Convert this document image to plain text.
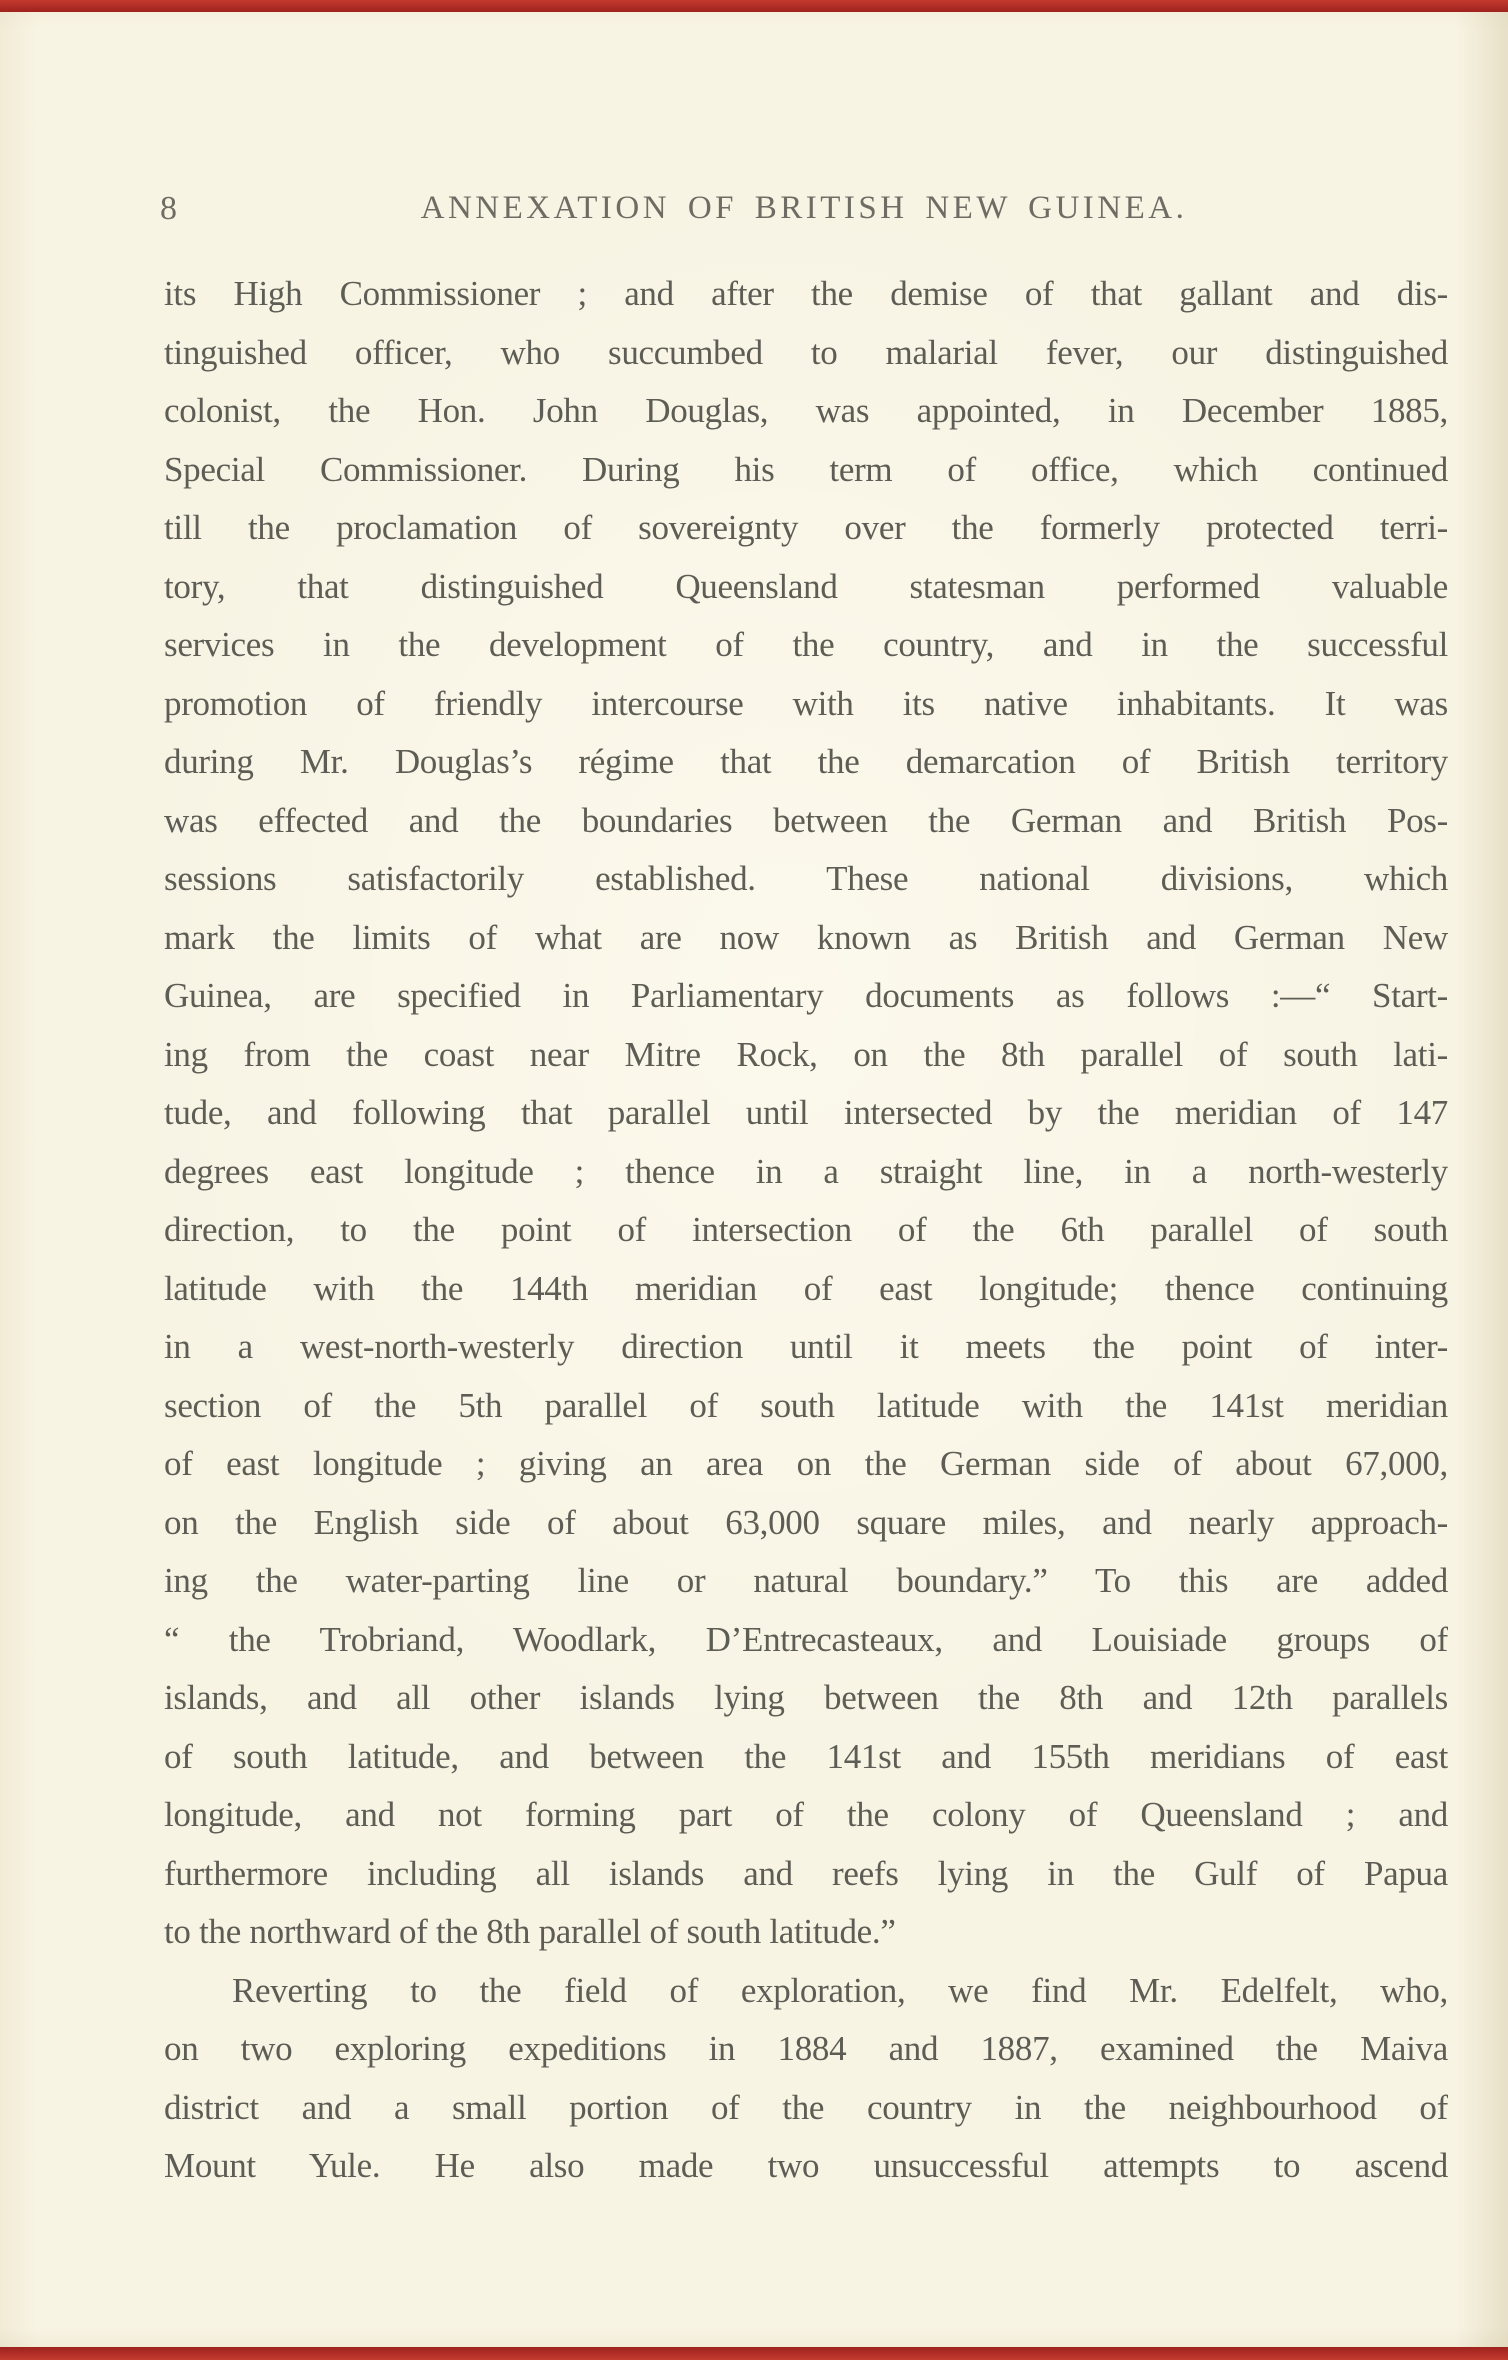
8	ANNEXATION OF BRITISH NEW GUINEA.
its High Commissioner ; and after the demise of that gallant and dis-
tinguished officer, who succumbed to malarial fever, our distinguished
colonist, the Hon. John Douglas, was appointed, in December 1885,
Special Commissioner. During his term of office, which continued
till the proclamation of sovereignty over the formerly protected terri-
tory, that distinguished Queensland statesman performed valuable
services in the development of the country, and in the successful
promotion of friendly intercourse with its native inhabitants. It was
during Mr. Douglas’s régime that the demarcation of British territory
was effected and the boundaries between the German and British Pos-
sessions satisfactorily established. These national divisions, which
mark the limits of what are now known as British and German New
Guinea, are specified in Parliamentary documents as follows :—“ Start-
ing from the coast near Mitre Rock, on the 8th parallel of south lati-
tude, and following that parallel until intersected by the meridian of 147
degrees east longitude ; thence in a straight line, in a north-westerly
direction, to the point of intersection of the 6th parallel of south
latitude with the 144th meridian of east longitude; thence continuing
in a west-north-westerly direction until it meets the point of inter-
section of the 5th parallel of south latitude with the 141st meridian
of east longitude ; giving an area on the German side of about 67,000,
on the English side of about 63,000 square miles, and nearly approach-
ing the water-parting line or natural boundary.” To this are added
“ the Trobriand, Woodlark, D’Entrecasteaux, and Louisiade groups of
islands, and all other islands lying between the 8th and 12th parallels
of south latitude, and between the 141st and 155th meridians of east
longitude, and not forming part of the colony of Queensland ; and
furthermore including all islands and reefs lying in the Gulf of Papua
to the northward of the 8th parallel of south latitude.”
Reverting to the field of exploration, we find Mr. Edelfelt, who,
on two exploring expeditions in 1884 and 1887, examined the Maiva
district and a small portion of the country in the neighbourhood of
Mount Yule. He also made two unsuccessful attempts to ascend
